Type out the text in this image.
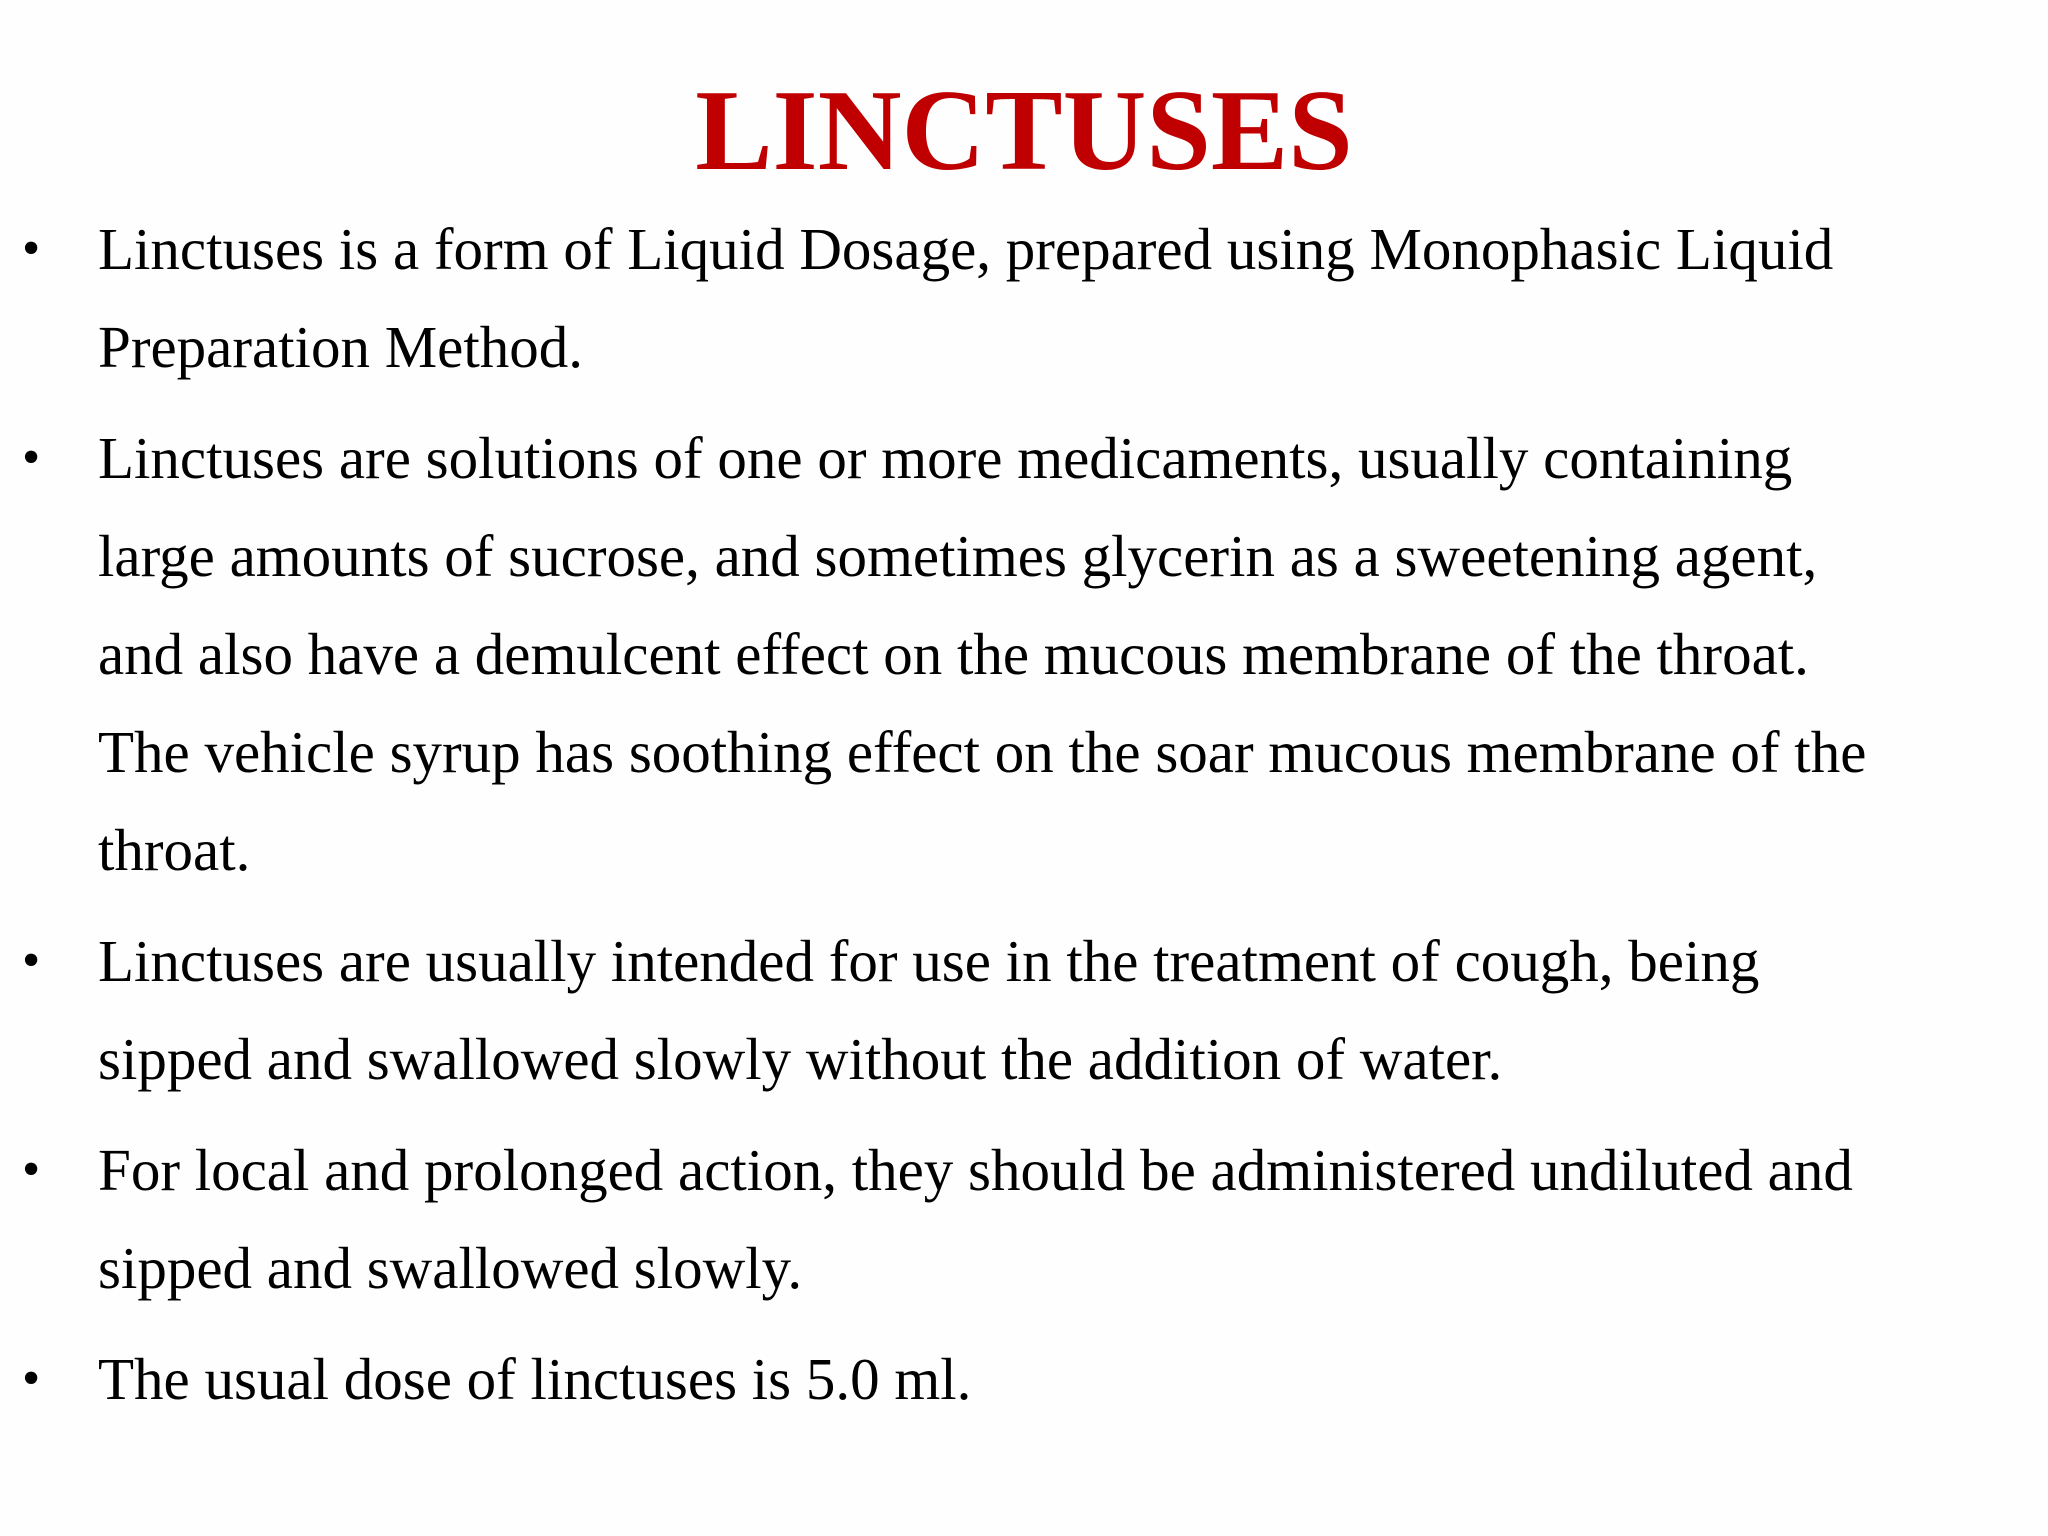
LINCTUSES
• Linctuses is a form of Liquid Dosage, prepared using Monophasic Liquid
Preparation Method.
• Linctuses are solutions of one or more medicaments, usually containing
large amounts of sucrose, and sometimes glycerin as a sweetening agent,
and also have a demulcent effect on the mucous membrane of the throat.
The vehicle syrup has soothing effect on the soar mucous membrane of the
throat.
• Linctuses are usually intended for use in the treatment of cough, being
sipped and swallowed slowly without the addition of water.
• For local and prolonged action, they should be administered undiluted and
sipped and swallowed slowly.
• The usual dose of linctuses is 5.0 ml.
